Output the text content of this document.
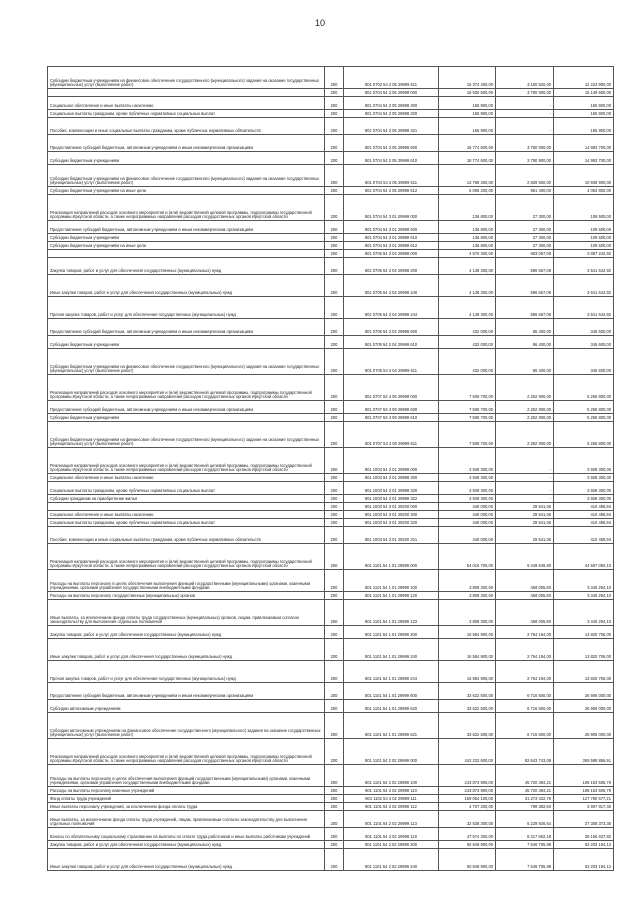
10
Субсидии бюджетным учреждениям на финансовое обеспечение государственного (муниципального) задания на оказание государственных (муниципальных) услуг (выполнение работ)	200	801 0702 54 2 05 29999 611	15 374 400,00	3 150 520,00	12 223 900,00
	200	801 0704 54 2 05 29999 000	18 930 500,00	3 780 900,00	15 149 600,00
Социальное обеспечение и иные выплаты населению	200	801 0704 54 2 05 29999 300	155 900,00	-	155 900,00
Социальные выплаты гражданам, кроме публичных нормативных социальных выплат	200	801 0704 54 2 05 29999 320	155 900,00	-	155 900,00
Пособия, компенсации и иные социальные выплаты гражданам, кроме публичных нормативных обязательств	200	801 0704 54 2 05 29999 321	155 900,00	-	155 900,00
Предоставление субсидий бюджетным, автономным учреждениям и иным некоммерческим организациям	200	801 0704 54 2 05 29999 600	18 774 600,00	3 780 900,00	14 993 700,00
Субсидии бюджетным учреждениям	200	801 0704 54 2 05 29999 610	18 774 600,00	3 780 900,00	14 993 700,00
Субсидии бюджетным учреждениям на финансовое обеспечение государственного (муниципального) задания на оказание государственных (муниципальных) услуг (выполнение работ)	200	801 0704 54 2 05 29999 611	13 769 400,00	2 829 500,00	10 939 900,00
Субсидии бюджетным учреждениям на иные цели	200	801 0704 54 2 05 29999 612	5 005 200,00	951 400,00	4 053 800,00
Реализация направлений расходов основного мероприятия и (или) ведомственной целевой программы, подпрограммы государственной программы Иркутской области, а также непрограммных направлений расходов государственных органов Иркутской области	200	801 0704 54 3 01 29999 000	136 800,00	27 300,00	109 500,00
Предоставление субсидий бюджетным, автономным учреждениям и иным некоммерческим организациям	200	801 0704 54 3 01 29999 600	136 800,00	27 300,00	109 500,00
Субсидии бюджетным учреждениям	200	801 0704 54 3 01 29999 610	136 800,00	27 300,00	109 500,00
Субсидии бюджетным учреждениям на иные цели	200	801 0704 54 3 01 29999 612	136 800,00	27 300,00	109 500,00
	200	801 0705 54 2 04 29999 000	4 570 300,00	683 057,08	3 887 242,92
Закупка товаров, работ и услуг для обеспечения государственных (муниципальных) нужд	200	801 0705 54 2 04 29999 200	4 138 300,00	596 657,08	3 541 642,92
Иные закупки товаров, работ и услуг для обеспечения государственных (муниципальных) нужд	200	801 0705 54 2 04 29999 240	4 138 300,00	596 657,08	3 541 642,92
Прочая закупка товаров, работ и услуг для обеспечения государственных (муниципальных) нужд	200	801 0705 54 2 04 29999 244	4 138 300,00	596 657,08	3 541 642,92
Предоставление субсидий бюджетным, автономным учреждениям и иным некоммерческим организациям	200	801 0705 54 2 04 29999 600	432 000,00	86 400,00	345 600,00
Субсидии бюджетным учреждениям	200	801 0705 54 2 04 29999 610	432 000,00	86 400,00	345 600,00
Субсидии бюджетным учреждениям на финансовое обеспечение государственного (муниципального) задания на оказание государственных (муниципальных) услуг (выполнение работ)	200	801 0705 54 2 04 29999 611	432 000,00	86 400,00	345 600,00
Реализация направлений расходов основного мероприятия и (или) ведомственной целевой программы, подпрограммы государственной программы Иркутской области, а также непрограммных направлений расходов государственных органов Иркутской области	200	801 0707 53 4 09 29999 000	7 509 700,00	2 252 900,00	5 256 800,00
Предоставление субсидий бюджетным, автономным учреждениям и иным некоммерческим организациям	200	801 0707 53 4 09 29999 600	7 509 700,00	2 252 900,00	5 256 800,00
Субсидии бюджетным учреждениям	200	801 0707 53 4 09 29999 610	7 509 700,00	2 252 900,00	5 256 800,00
Субсидии бюджетным учреждениям на финансовое обеспечение государственного (муниципального) задания на оказание государственных (муниципальных) услуг (выполнение работ)	200	801 0707 53 4 09 29999 611	7 509 700,00	2 252 900,00	5 256 800,00
Реализация направлений расходов основного мероприятия и (или) ведомственной целевой программы, подпрограммы государственной программы Иркутской области, а также непрограммных направлений расходов государственных органов Иркутской области	200	801 1003 54 2 01 29999 000	3 928 300,00	-	3 928 300,00
Социальное обеспечение и иные выплаты населению	200	801 1003 54 2 01 29999 300	3 928 300,00	-	3 928 300,00
Социальные выплаты гражданам, кроме публичных нормативных социальных выплат	200	801 1003 54 2 01 29999 320	3 928 300,00	-	3 928 300,00
Субсидии гражданам на приобретение жилья	200	801 1003 54 2 01 29999 322	3 928 300,00	-	3 928 300,00
	200	801 1003 54 3 01 29200 000	440 000,00	29 541,06	410 458,94
Социальное обеспечение и иные выплаты населению	200	801 1003 54 3 01 29200 300	440 000,00	29 541,06	410 458,94
Социальные выплаты гражданам, кроме публичных нормативных социальных выплат	200	801 1003 54 3 01 29200 320	440 000,00	29 541,06	410 458,94
Пособия, компенсации и иные социальные выплаты гражданам, кроме публичных нормативных обязательств	200	801 1003 54 3 01 29200 321	440 000,00	29 541,06	410 458,94
Реализация направлений расходов основного мероприятия и (или) ведомственной целевой программы, подпрограммы государственной программы Иркутской области, а также непрограммных направлений расходов государственных органов Иркутской области	200	801 1101 54 1 01 29999 000	54 016 700,00	9 449 649,80	44 567 050,10
Расходы на выплаты персоналу в целях обеспечения выполнения функций государственными (муниципальными) органами, казенными учреждениями, органами управления государственными внебюджетными фондами	200	801 1101 54 1 01 29999 100	3 809 300,00	469 005,80	3 340 294,10
Расходы на выплаты персоналу государственных (муниципальных) органов	200	801 1101 54 1 01 29999 120	3 809 300,00	469 005,80	3 340 294,10
Иные выплаты, за исключением фонда оплаты труда государственных (муниципальных) органов, лицам, привлекаемым согласно законодательству для выполнения отдельных полномочий	200	801 1101 54 1 01 29999 123	3 809 300,00	469 005,80	3 340 294,10
Закупка товаров, работ и услуг для обеспечения государственных (муниципальных) нужд	200	801 1101 54 1 01 29999 200	16 584 900,00	2 764 194,00	13 820 706,00
Иные закупки товаров, работ и услуг для обеспечения государственных (муниципальных) нужд	200	801 1101 54 1 01 29999 240	16 584 900,00	2 764 194,00	13 820 706,00
Прочая закупка товаров, работ и услуг для обеспечения государственных (муниципальных) нужд	200	801 1101 54 1 01 29999 244	16 584 900,00	2 764 194,00	13 820 706,00
Предоставление субсидий бюджетным, автономным учреждениям и иным некоммерческим организациям	200	801 1101 54 1 01 29999 600	33 622 500,00	6 716 500,00	26 906 000,00
Субсидии автономным учреждениям	200	801 1101 54 1 01 29999 620	33 622 500,00	6 716 500,00	26 906 000,00
Субсидии автономным учреждениям на финансовое обеспечение государственного (муниципального) задания на оказание государственных (муниципальных) услуг (выполнение работ)	200	801 1101 54 1 01 29999 621	33 622 500,00	6 716 500,00	26 906 000,00
Реализация направлений расходов основного мероприятия и (или) ведомственной целевой программы, подпрограммы государственной программы Иркутской области, а также непрограммных направлений расходов государственных органов Иркутской области	200	801 1101 54 2 02 29999 000	442 232 600,00	82 643 743,09	359 588 856,91
Расходы на выплаты персоналу в целях обеспечения выполнения функций государственными (муниципальными) органами, казенными учреждениями, органами управления государственными внебюджетными фондами	200	801 1101 54 2 02 29999 100	243 873 900,00	45 720 394,21	198 153 505,79
Расходы на выплаты персоналу казенных учреждений	200	801 1101 54 2 02 29999 110	243 873 900,00	45 720 394,21	198 153 505,79
Фонд оплаты труда учреждений	200	801 1101 54 2 02 29999 111	159 054 100,00	31 273 422,79	127 780 677,21
Иные выплаты персоналу учреждений, за исключением фонда оплаты труда	200	801 1101 54 2 02 29999 112	4 707 200,00	799 382,60	3 907 817,40
Иные выплаты, за исключением фонда оплаты труда учреждений, лицам, привлекаемым согласно законодательству для выполнения отдельных полномочий	200	801 1101 54 2 02 29999 113	32 538 300,00	5 229 926,64	27 308 373,36
Взносы по обязательному социальному страхованию на выплаты по оплате труда работников и иные выплаты работникам учреждений	200	801 1101 54 2 02 29999 119	47 574 300,00	8 417 662,18	39 156 637,82
Закупка товаров, работ и услуг для обеспечения государственных (муниципальных) нужд	200	801 1101 54 2 02 29999 200	60 849 900,00	7 646 705,88	53 203 194,12
Иные закупки товаров, работ и услуг для обеспечения государственных (муниципальных) нужд	200	801 1101 54 2 02 29999 240	60 849 900,00	7 646 705,88	53 203 194,12
